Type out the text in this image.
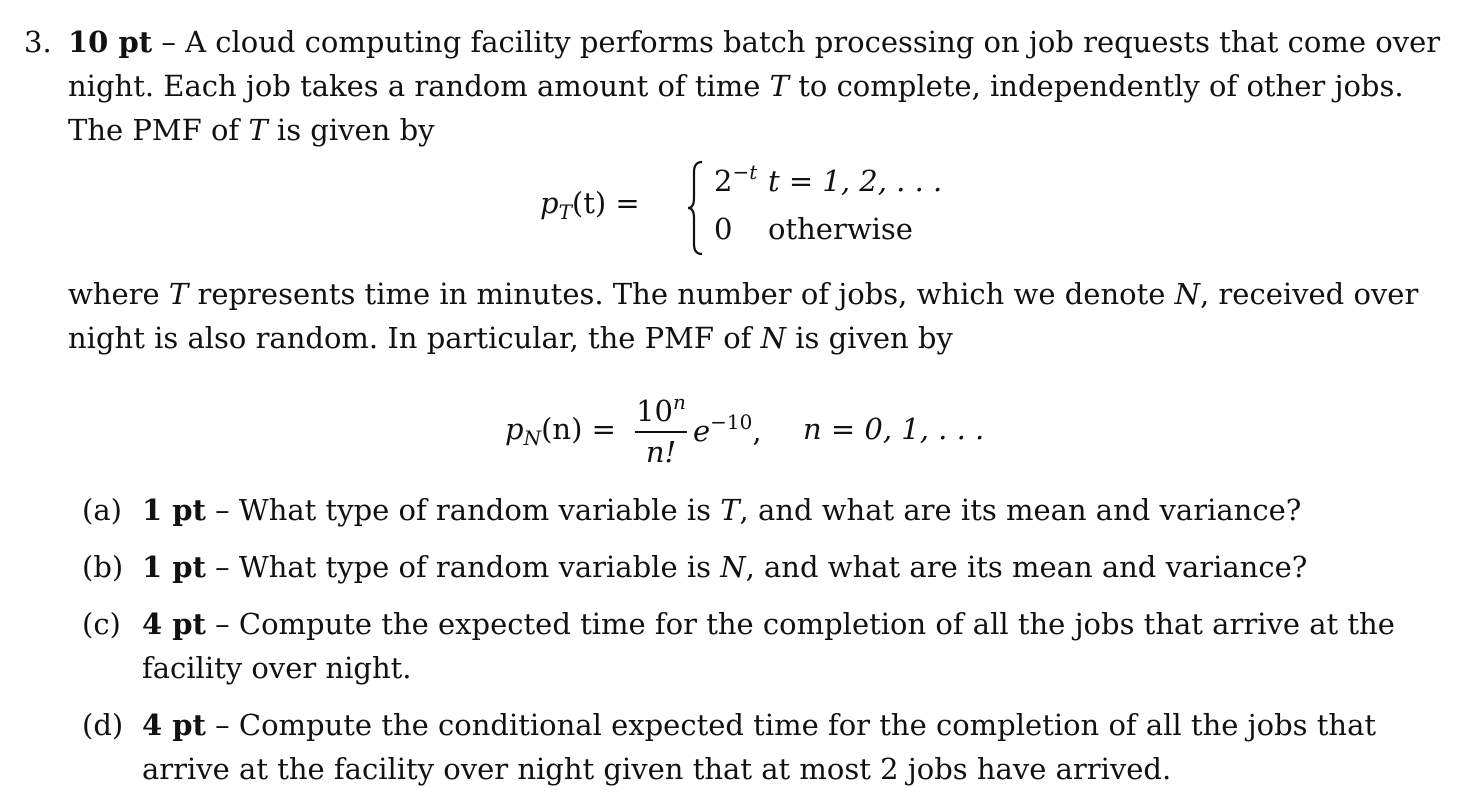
3. 10 pt – A cloud computing facility performs batch processing on job requests that come over
night. Each job takes a random amount of time T to complete, independently of other jobs.
The PMF of T is given by
$p_T(t)$ =
$2^{-t}$ t = 1, 2, . . .
0 otherwise
where T represents time in minutes. The number of jobs, which we denote N, received over
night is also random. In particular, the PMF of N is given by
$p_N(n)$ =
$10^n$
n!
$e^{-10}$, n = 0, 1, . . .
(a) 1 pt – What type of random variable is T, and what are its mean and variance?
(b) 1 pt – What type of random variable is N, and what are its mean and variance?
(c) 4 pt – Compute the expected time for the completion of all the jobs that arrive at the
facility over night.
(d) 4 pt – Compute the conditional expected time for the completion of all the jobs that
arrive at the facility over night given that at most 2 jobs have arrived.
